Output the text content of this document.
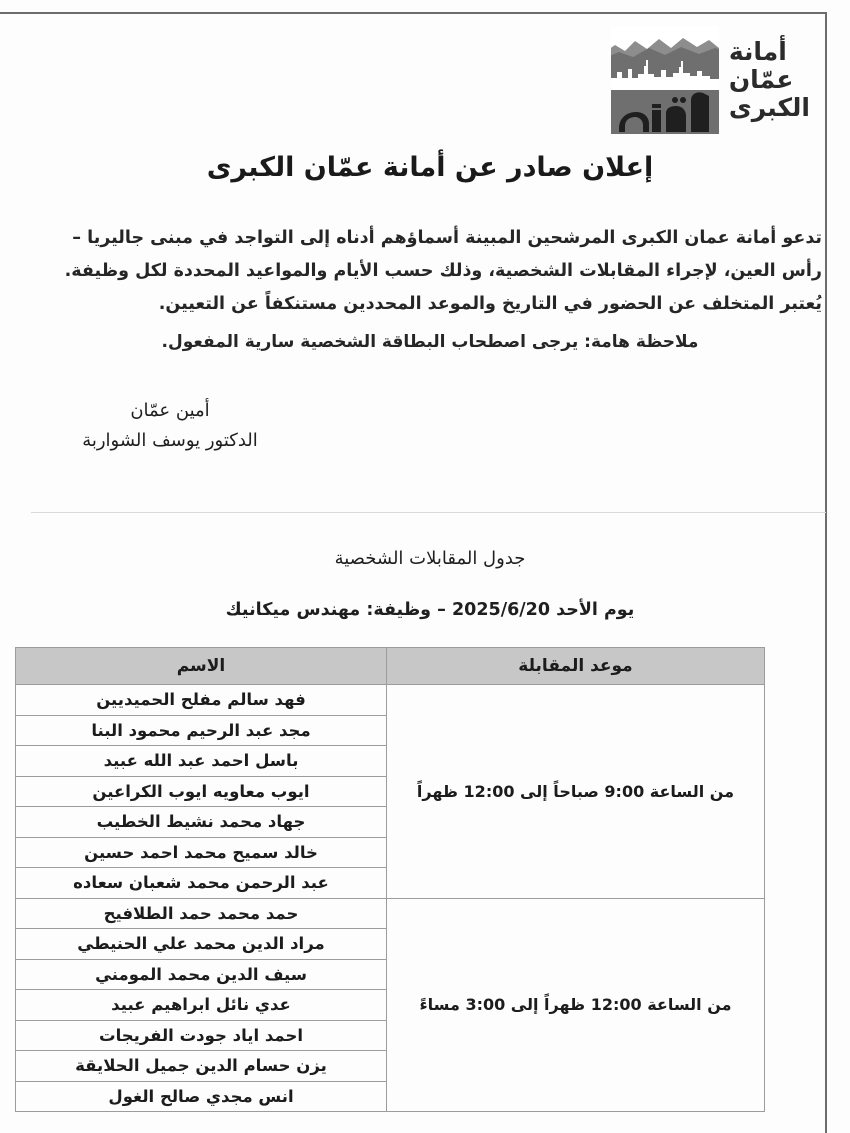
أمانة
عمّان
الكبرى
إعلان صادر عن أمانة عمّان الكبرى
تدعو أمانة عمان الكبرى المرشحين المبينة أسماؤهم أدناه إلى التواجد في مبنى جاليريا – رأس العين، لإجراء المقابلات الشخصية، وذلك حسب الأيام والمواعيد المحددة لكل وظيفة. يُعتبر المتخلف عن الحضور في التاريخ والموعد المحددين مستنكفاً عن التعيين.
ملاحظة هامة: يرجى اصطحاب البطاقة الشخصية سارية المفعول.
أمين عمّان
الدكتور يوسف الشواربة
جدول المقابلات الشخصية
يوم الأحد 2025/6/20 – وظيفة: مهندس ميكانيك
موعد المقابلة	الاسم
من الساعة 9:00 صباحاً إلى 12:00 ظهراً	فهد سالم مفلح الحميديين
	مجد عبد الرحيم محمود البنا
	باسل احمد عبد الله عبيد
	ايوب معاويه ايوب الكراعين
	جهاد محمد نشيط الخطيب
	خالد سميح محمد احمد حسين
	عبد الرحمن محمد شعبان سعاده
من الساعة 12:00 ظهراً إلى 3:00 مساءً	حمد محمد حمد الطلافيح
	مراد الدين محمد علي الحنيطي
	سيف الدين محمد المومني
	عدي نائل ابراهيم عبيد
	احمد اياد جودت الفريجات
	يزن حسام الدين جميل الحلايقة
	انس مجدي صالح الغول
